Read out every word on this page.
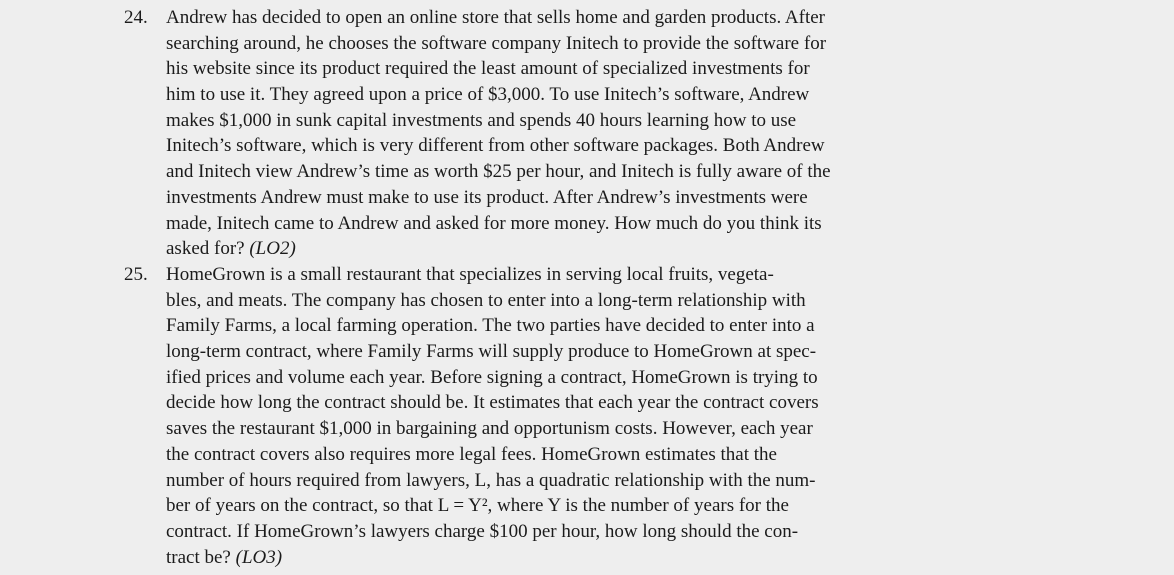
24. Andrew has decided to open an online store that sells home and garden products. After
searching around, he chooses the software company Initech to provide the software for
his website since its product required the least amount of specialized investments for
him to use it. They agreed upon a price of $3,000. To use Initech’s software, Andrew
makes $1,000 in sunk capital investments and spends 40 hours learning how to use
Initech’s software, which is very different from other software packages. Both Andrew
and Initech view Andrew’s time as worth $25 per hour, and Initech is fully aware of the
investments Andrew must make to use its product. After Andrew’s investments were
made, Initech came to Andrew and asked for more money. How much do you think its
asked for? (LO2)
25. HomeGrown is a small restaurant that specializes in serving local fruits, vegeta-
bles, and meats. The company has chosen to enter into a long-term relationship with
Family Farms, a local farming operation. The two parties have decided to enter into a
long-term contract, where Family Farms will supply produce to HomeGrown at spec-
ified prices and volume each year. Before signing a contract, HomeGrown is trying to
decide how long the contract should be. It estimates that each year the contract covers
saves the restaurant $1,000 in bargaining and opportunism costs. However, each year
the contract covers also requires more legal fees. HomeGrown estimates that the
number of hours required from lawyers, L, has a quadratic relationship with the num-
ber of years on the contract, so that L = Y², where Y is the number of years for the
contract. If HomeGrown’s lawyers charge $100 per hour, how long should the con-
tract be? (LO3)
